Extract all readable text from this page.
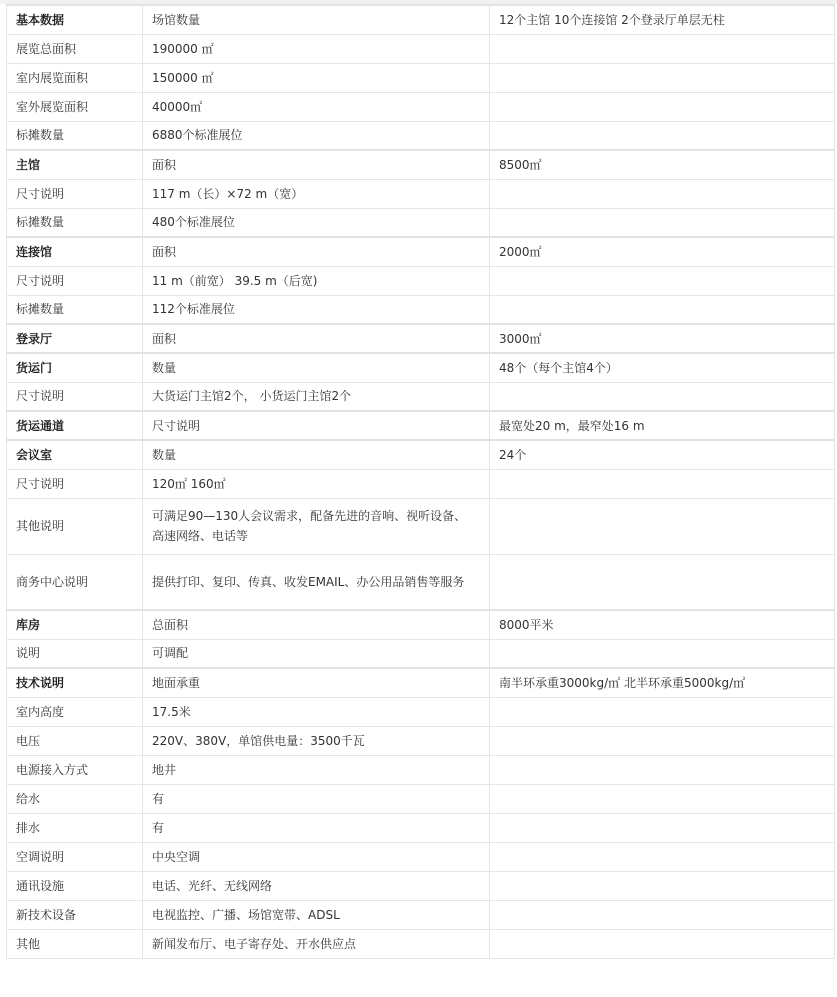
基本数据	场馆数量	12个主馆 10个连接馆 2个登录厅单层无柱
展览总面积	190000 ㎡	
室内展览面积	150000 ㎡	
室外展览面积	40000㎡	
标摊数量	6880个标准展位	
主馆	面积	8500㎡
尺寸说明	117 m（长）×72 m（宽）	
标摊数量	480个标准展位	
连接馆	面积	2000㎡
尺寸说明	11 m（前宽） 39.5 m（后宽)	
标摊数量	112个标准展位	
登录厅	面积	3000㎡
货运门	数量	48个（每个主馆4个）
尺寸说明	大货运门主馆2个， 小货运门主馆2个	
货运通道	尺寸说明	最宽处20 m，最窄处16 m
会议室	数量	24个
尺寸说明	120㎡ 160㎡	
其他说明	可满足90—130人会议需求，配备先进的音响、视听设备、高速网络、电话等	
商务中心说明	提供打印、复印、传真、收发EMAIL、办公用品销售等服务	
库房	总面积	8000平米
说明	可调配	
技术说明	地面承重	南半环承重3000kg/㎡ 北半环承重5000kg/㎡
室内高度	17.5米	
电压	220V、380V，单馆供电量：3500千瓦	
电源接入方式	地井	
给水	有	
排水	有	
空调说明	中央空调	
通讯设施	电话、光纤、无线网络	
新技术设备	电视监控、广播、场馆宽带、ADSL	
其他	新闻发布厅、电子寄存处、开水供应点	
